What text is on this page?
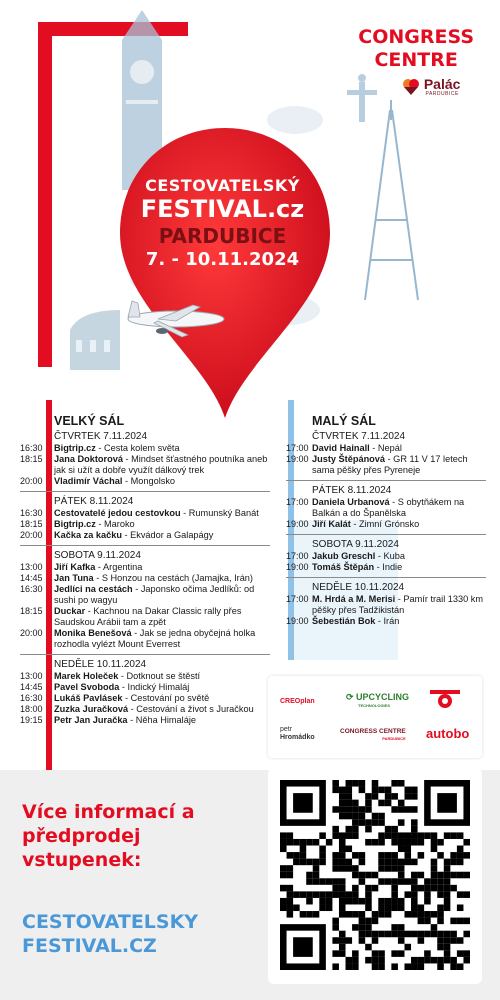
CESTOVATELSKÝ
FESTIVAL.cz
PARDUBICE
7. - 10.11.2024
CONGRESS
CENTRE
Palác
PARDUBICE
VELKÝ SÁL
ČTVRTEK 7.11.2024
16:30	Bigtrip.cz - Cesta kolem světa
18:15	Jana Doktorová - Mindset šťastného poutníka aneb jak si užít a dobře využít dálkový trek
20:00	Vladimír Váchal - Mongolsko
PÁTEK 8.11.2024
16:30	Cestovatelé jedou cestovkou - Rumunský Banát
18:15	Bigtrip.cz - Maroko
20:00	Kačka za kačku - Ekvádor a Galapágy
SOBOTA 9.11.2024
13:00	Jiří Kafka - Argentina
14:45	Jan Tuna - S Honzou na cestách (Jamajka, Irán)
16:30	Jedlíci na cestách - Japonsko očima Jedlíků: od sushi po wagyu
18:15	Duckar - Kachnou na Dakar Classic rally přes Saudskou Arábii tam a zpět
20:00	Monika Benešová - Jak se jedna obyčejná holka rozhodla vylézt Mount Everrest
NEDĚLE 10.11.2024
13:00	Marek Holeček - Dotknout se štěstí
14:45	Pavel Svoboda - Indický Himaláj
16:30	Lukáš Pavlásek - Cestování po světě
18:00	Zuzka Juračková - Cestování a život s Juračkou
19:15	Petr Jan Juračka - Něha Himaláje
MALÝ SÁL
ČTVRTEK 7.11.2024
17:00 David Hainall - Nepál
19:00 Justy Štěpánová - GR 11 V 17 letech sama pěšky přes Pyreneje
PÁTEK 8.11.2024
17:00 Daniela Urbanová - S obytňákem na Balkán a do Španělska
19:00 Jiří Kalát - Zimní Grónsko
SOBOTA 9.11.2024
17:00 Jakub Greschl - Kuba
19:00 Tomáš Štěpán - Indie
NEDĚLE 10.11.2024
17:00 M. Hrdá a M. Merisi - Pamír trail 1330 km pěšky přes Tadžikistán
19:00 Šebestián Bok - Irán
CREOplan	⟳ UPCYCLING
TECHNOLOGIES
petr
Hromádko
CONGRESS CENTRE
PARDUBICE autobo
Více informací a
předprodej
vstupenek:
CESTOVATELSKY
FESTIVAL.CZ
